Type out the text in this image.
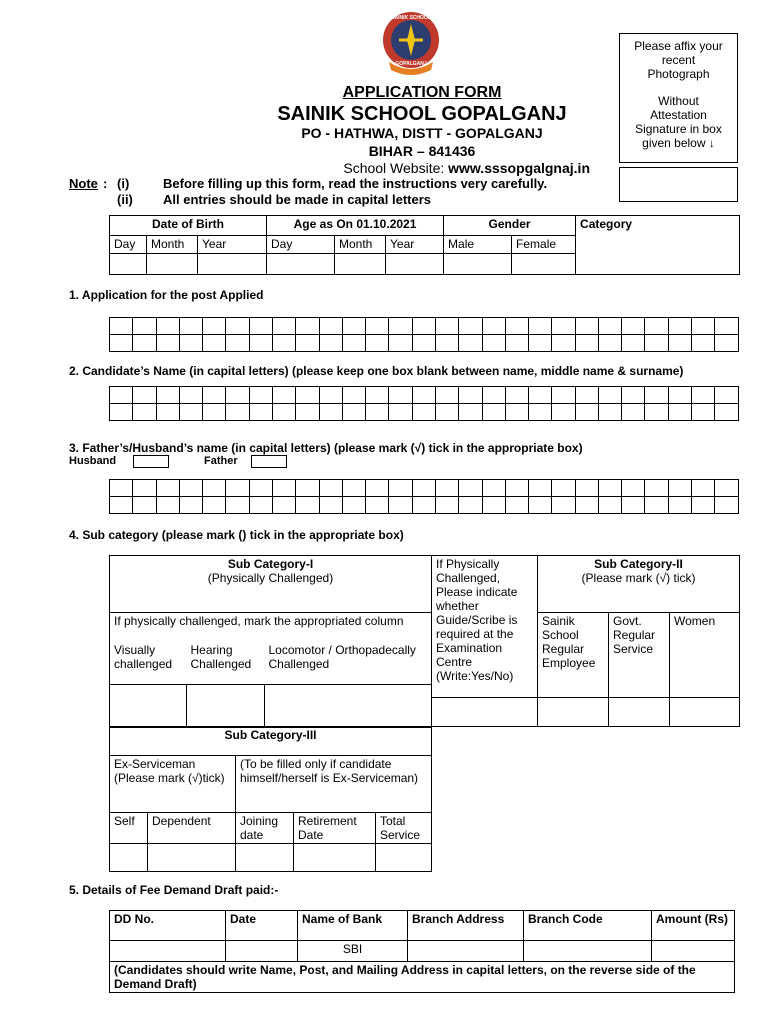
SAINIK SCHOOL
GOPALGANJ

Please affix your

recent

Photograph

Without

Attestation

Signature in box

given below ↓

APPLICATION FORM
SAINIK SCHOOL GOPALGANJ
PO - HATHWA, DISTT - GOPALGANJ
BIHAR – 841436
School Website: www.sssopgalgnaj.in
Note : (i)
(ii)
Before filling up this form, read the instructions very carefully.
All entries should be made in capital letters
Date of Birth			Age as On 01.10.2021			Gender		Category
Day	Month	Year	Day	Month	Year	Male	Female	

1. Application for the post Applied

2. Candidate’s Name (in capital letters) (please keep one box blank between name, middle name & surname)

3. Father’s/Husband’s name (in capital letters) (please mark (√) tick in the appropriate box)
Husband	Father

4. Sub category (please mark () tick in the appropriate box)
Sub Category-I
(Physically Challenged)		

If physically challenged, mark the appropriated column		
Visually challenged	Hearing Challenged	Locomotor / Orthopadecally Challenged

If Physically Challenged, Please indicate whether Guide/Scribe is required at the Examination Centre (Write:Yes/No)	Sub Category-II
(Please mark (√) tick)		

	Sainik School Regular Employee	Govt. Regular Service	Women

Sub Category-III				
Ex-Serviceman (Please mark (√)tick)		(To be filled only if candidate himself/herself is Ex-Serviceman)		
Self	Dependent	Joining date	Retirement Date	Total Service

5. Details of Fee Demand Draft paid:-
DD No.	Date	Name of Bank	Branch Address	Branch Code	Amount (Rs)
		SBI			
(Candidates should write Name, Post, and Mailing Address in capital letters, on the reverse side of the Demand Draft)					
